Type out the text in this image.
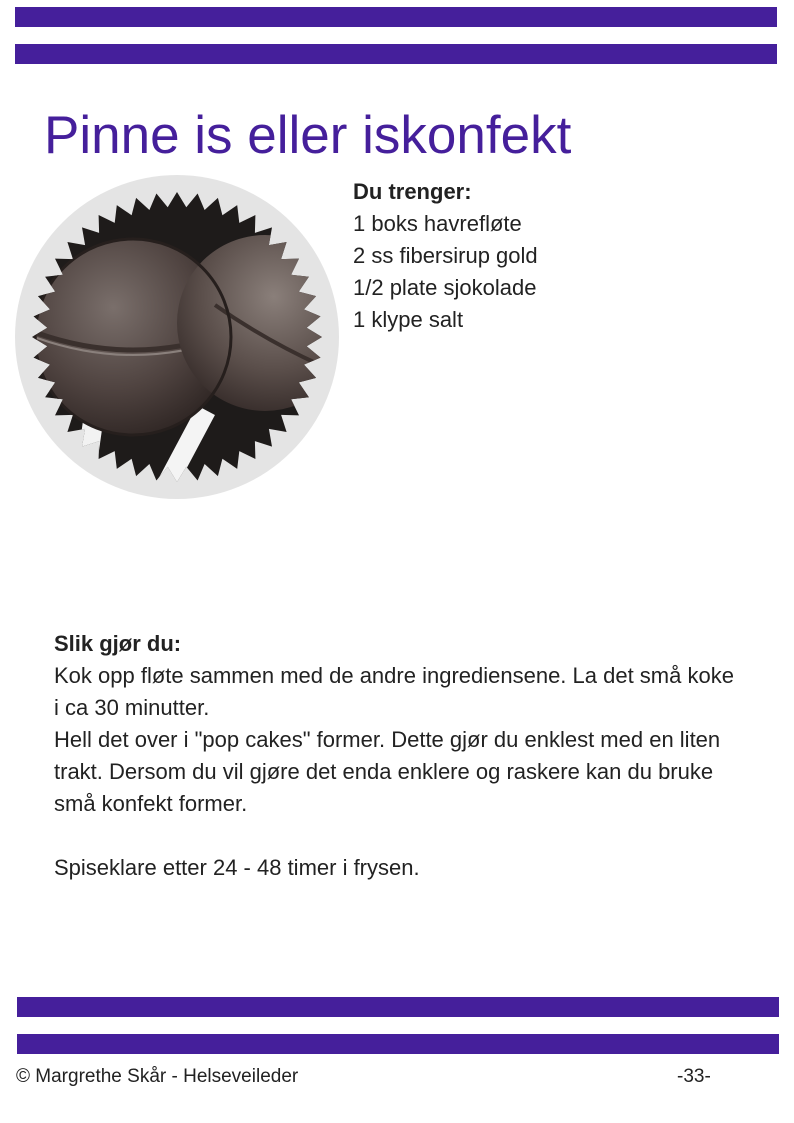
Pinne is eller iskonfekt
Du trenger:
1 boks havrefløte
2 ss fibersirup gold
1/2 plate sjokolade
1 klype salt
Slik gjør du:

Kok opp fløte sammen med de andre ingrediensene. La det små koke i ca 30 minutter.

Hell det over i "pop cakes" former. Dette gjør du enklest med en liten trakt. Dersom du vil gjøre det enda enklere og raskere kan du bruke små konfekt former.

Spiseklare etter 24 - 48 timer i frysen.

© Margrethe Skår - Helseveileder	-33-
